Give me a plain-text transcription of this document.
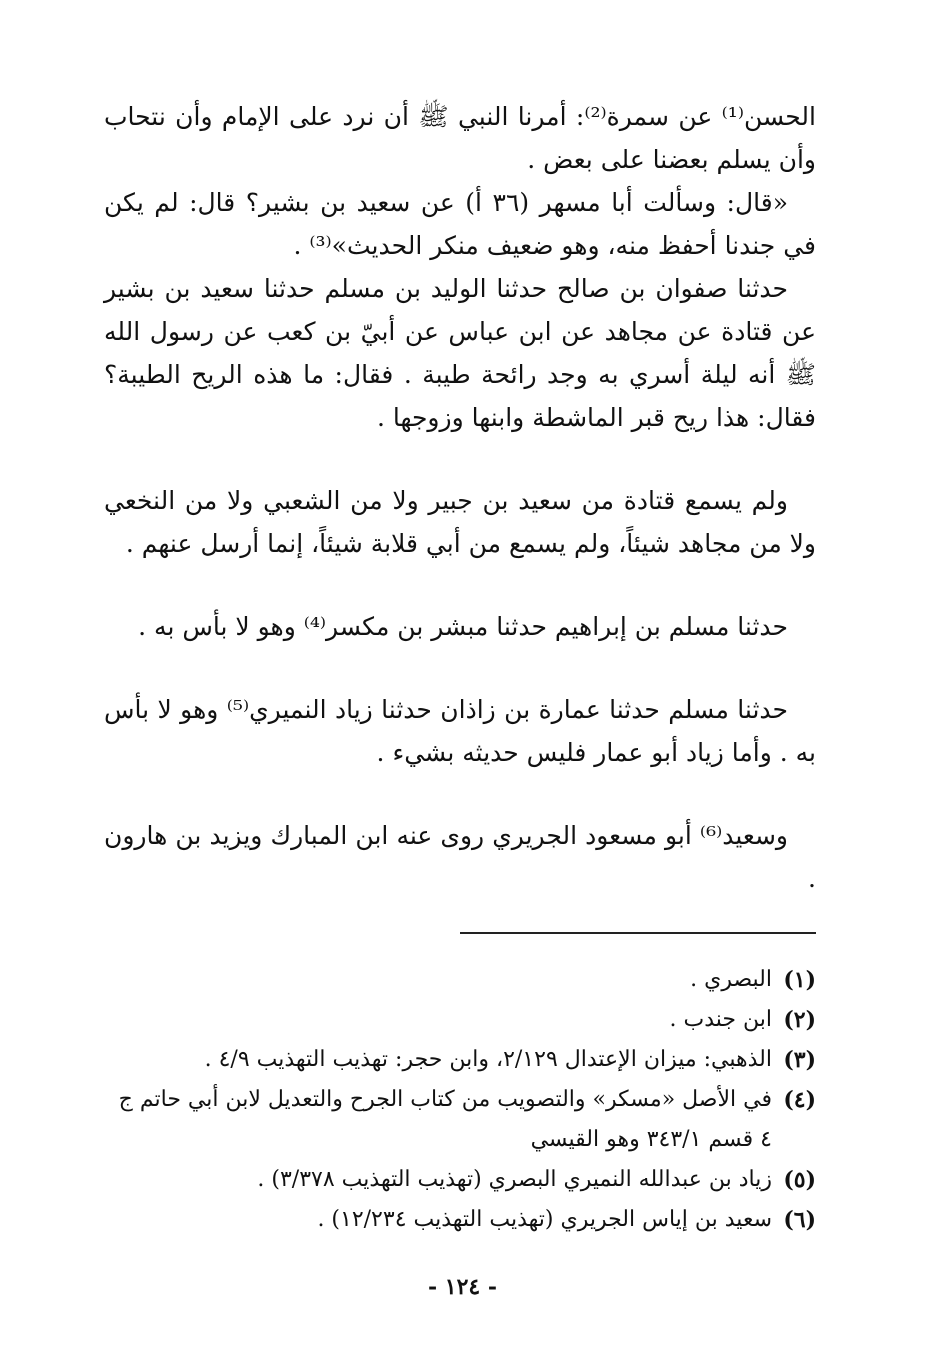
الحسن⁽¹⁾ عن سمرة⁽²⁾: أمرنا النبي ﷺ أن نرد على الإمام وأن نتحاب وأن يسلم بعضنا على بعض .

«قال: وسألت أبا مسهر (٣٦ أ) عن سعيد بن بشير؟ قال: لم يكن في جندنا أحفظ منه، وهو ضعيف منكر الحديث»⁽³⁾ .

حدثنا صفوان بن صالح حدثنا الوليد بن مسلم حدثنا سعيد بن بشير عن قتادة عن مجاهد عن ابن عباس عن أبيّ بن كعب عن رسول الله ﷺ أنه ليلة أسري به وجد رائحة طيبة . فقال: ما هذه الريح الطيبة؟ فقال: هذا ريح قبر الماشطة وابنها وزوجها .

ولم يسمع قتادة من سعيد بن جبير ولا من الشعبي ولا من النخعي ولا من مجاهد شيئاً، ولم يسمع من أبي قلابة شيئاً، إنما أرسل عنهم .

حدثنا مسلم بن إبراهيم حدثنا مبشر بن مكسر⁽⁴⁾ وهو لا بأس به .

حدثنا مسلم حدثنا عمارة بن زاذان حدثنا زياد النميري⁽⁵⁾ وهو لا بأس به . وأما زياد أبو عمار فليس حديثه بشيء .

وسعيد⁽⁶⁾ أبو مسعود الجريري روى عنه ابن المبارك ويزيد بن هارون .

(١)
البصري .
(٢)
ابن جندب .
(٣)
الذهبي: ميزان الإعتدال ٢/١٢٩، وابن حجر: تهذيب التهذيب ٤/٩ .
(٤)
في الأصل «مسكر» والتصويب من كتاب الجرح والتعديل لابن أبي حاتم ج ٤ قسم ٣٤٣/١ وهو القيسي
(٥)
زياد بن عبدالله النميري البصري (تهذيب التهذيب ٣/٣٧٨) .
(٦)
سعيد بن إياس الجريري (تهذيب التهذيب ١٢/٢٣٤) .
- ١٢٤ -
